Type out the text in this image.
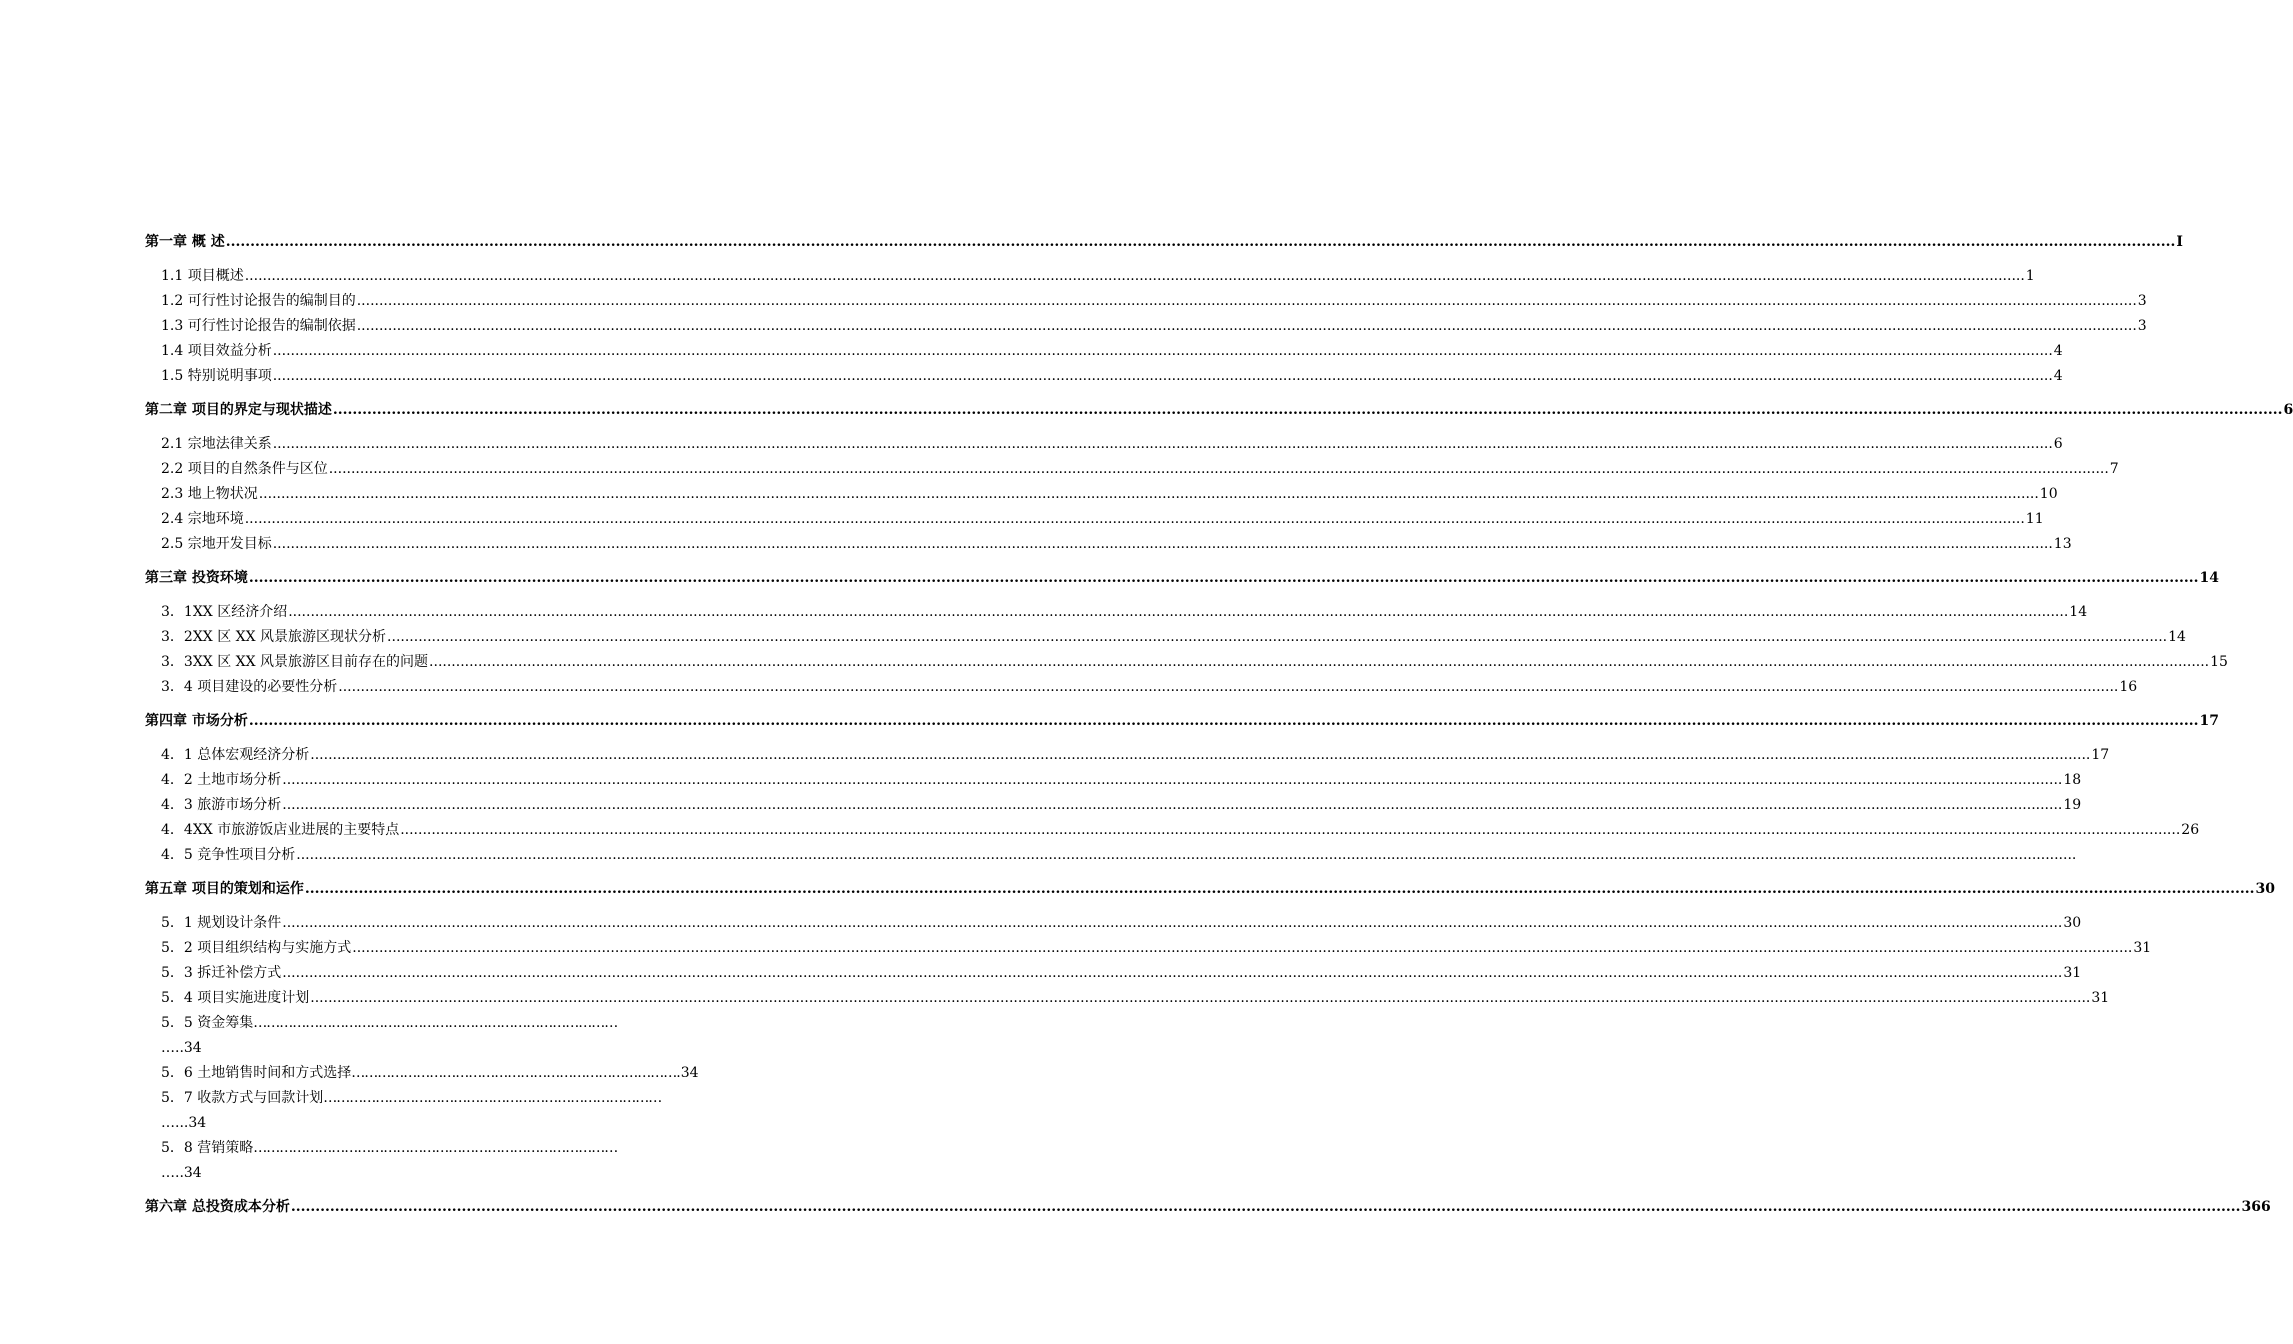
第一章 概 述 ................................................................................................................................................................................................................................................................................................................................................................................................................ I
1.1 项目概述 ................................................................................................................................................................................................................................................................................................................................................................................................................ 1
1.2 可行性讨论报告的编制目的 ................................................................................................................................................................................................................................................................................................................................................................................................................ 3
1.3 可行性讨论报告的编制依据 ................................................................................................................................................................................................................................................................................................................................................................................................................ 3
1.4 项目效益分析 ................................................................................................................................................................................................................................................................................................................................................................................................................ 4
1.5 特别说明事项 ................................................................................................................................................................................................................................................................................................................................................................................................................ 4
第二章 项目的界定与现状描述 ................................................................................................................................................................................................................................................................................................................................................................................................................ 6
2.1 宗地法律关系 ................................................................................................................................................................................................................................................................................................................................................................................................................ 6
2.2 项目的自然条件与区位 ................................................................................................................................................................................................................................................................................................................................................................................................................ 7
2.3 地上物状况 ................................................................................................................................................................................................................................................................................................................................................................................................................ 10
2.4 宗地环境 ................................................................................................................................................................................................................................................................................................................................................................................................................ 11
2.5 宗地开发目标 ................................................................................................................................................................................................................................................................................................................................................................................................................ 13
第三章 投资环境 ................................................................................................................................................................................................................................................................................................................................................................................................................ 14
3．1XX 区经济介绍 ................................................................................................................................................................................................................................................................................................................................................................................................................ 14
3．2XX 区 XX 风景旅游区现状分析 ................................................................................................................................................................................................................................................................................................................................................................................................................ 14
3．3XX 区 XX 风景旅游区目前存在的问题 ................................................................................................................................................................................................................................................................................................................................................................................................................ 15
3．4 项目建设的必要性分析 ................................................................................................................................................................................................................................................................................................................................................................................................................ 16
第四章 市场分析 ................................................................................................................................................................................................................................................................................................................................................................................................................ 17
4．1 总体宏观经济分析 ................................................................................................................................................................................................................................................................................................................................................................................................................ 17
4．2 土地市场分析 ................................................................................................................................................................................................................................................................................................................................................................................................................ 18
4．3 旅游市场分析 ................................................................................................................................................................................................................................................................................................................................................................................................................ 19
4．4XX 市旅游饭店业进展的主要特点 ................................................................................................................................................................................................................................................................................................................................................................................................................ 26
4．5 竞争性项目分析 ................................................................................................................................................................................................................................................................................................................................................................................................................
第五章 项目的策划和运作 ................................................................................................................................................................................................................................................................................................................................................................................................................ 30
5．1 规划设计条件 ................................................................................................................................................................................................................................................................................................................................................................................................................ 30
5．2 项目组织结构与实施方式 ................................................................................................................................................................................................................................................................................................................................................................................................................ 31
5．3 拆迁补偿方式 ................................................................................................................................................................................................................................................................................................................................................................................................................ 31
5．4 项目实施进度计划 ................................................................................................................................................................................................................................................................................................................................................................................................................ 31
5．5 资金筹集 …………………………………………………………………………
…..34
5．6 土地销售时间和方式选择 ………………………………………………………………… .34
5．7 收款方式与回款计划 ……………………………………………………………………
…...34
5．8 营销策略 …………………………………………………………………………
…..34
第六章 总投资成本分析 ................................................................................................................................................................................................................................................................................................................................................................................................................ 366
